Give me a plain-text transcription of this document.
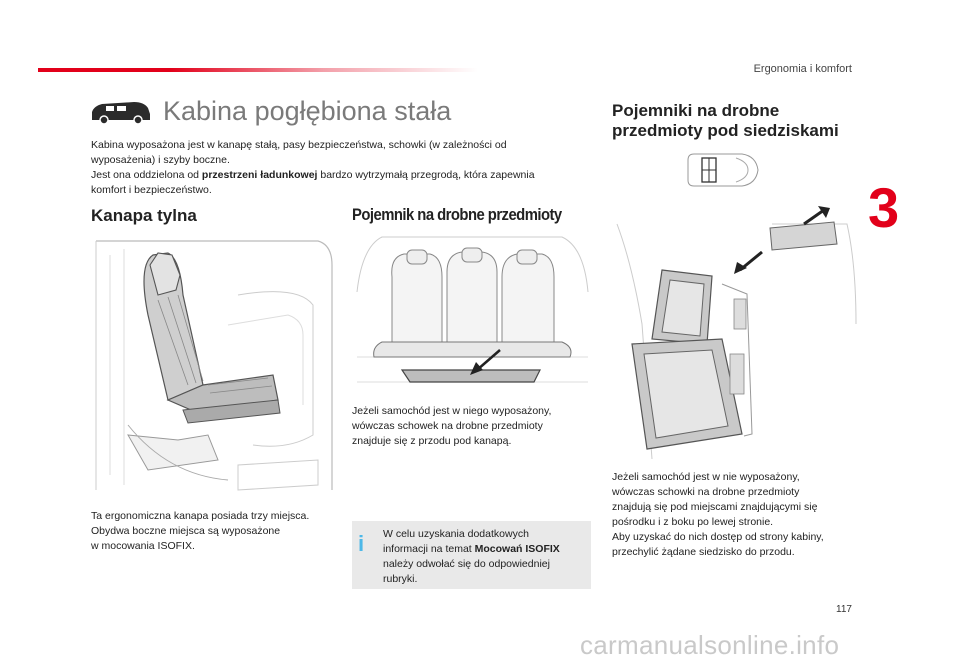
Ergonomia i komfort
3
Kabina pogłębiona stała
Kabina wyposażona jest w kanapę stałą, pasy bezpieczeństwa, schowki (w zależności od
wyposażenia) i szyby boczne.
Jest ona oddzielona od przestrzeni ładunkowej bardzo wytrzymałą przegrodą, która zapewnia
komfort i bezpieczeństwo.
Kanapa tylna
Ta ergonomiczna kanapa posiada trzy miejsca.
Obydwa boczne miejsca są wyposażone
w mocowania ISOFIX.
Pojemnik na drobne przedmioty
Jeżeli samochód jest w niego wyposażony,
wówczas schowek na drobne przedmioty
znajduje się z przodu pod kanapą.
i	W celu uzyskania dodatkowych
informacji na temat Mocowań ISOFIX
należy odwołać się do odpowiedniej
rubryki.
Pojemniki na drobne
przedmioty pod siedziskami
Jeżeli samochód jest w nie wyposażony,
wówczas schowki na drobne przedmioty
znajdują się pod miejscami znajdującymi się
pośrodku i z boku po lewej stronie.
Aby uzyskać do nich dostęp od strony kabiny,
przechylić żądane siedzisko do przodu.
117
carmanualsonline.info
